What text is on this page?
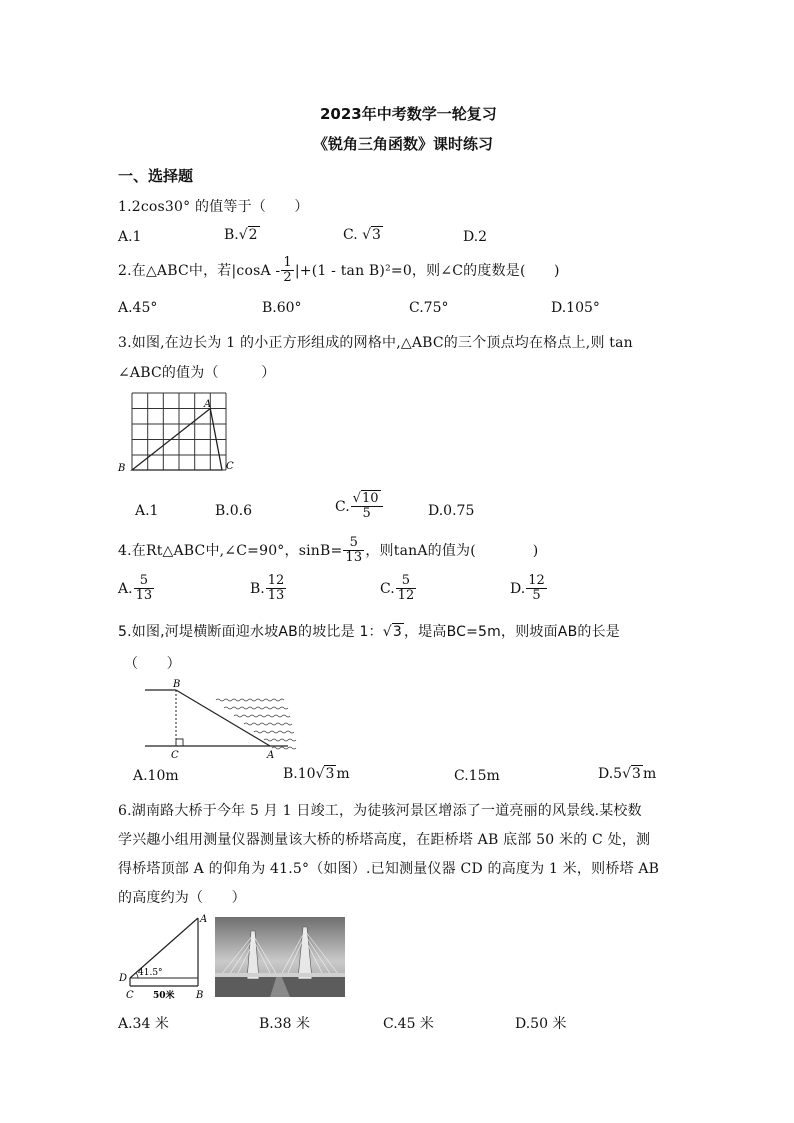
2023年中考数学一轮复习
《锐角三角函数》课时练习
一、选择题
1.2cos30° 的值等于（　　）
A.1	B.√2	C. √3	D.2
2.在△ABC中，若$|\cos A - \frac{1}{2} |+(1 - \tan B)^2=0$，则∠C的度数是(　　)
A.45°	B.60°	C.75°	D.105°
3.如图,在边长为 1 的小正方形组成的网格中,△ABC的三个顶点均在格点上,则 tan
∠ABC的值为（　　　）
A
B	C
A.1	B.0.6	C. $\frac{√10}{5}$	D.0.75
4.在Rt△ABC中,∠C=90°，$\sin B= \frac{5}{13}$ ，则tanA的值为(　　　　)
A. $\frac{5}{13}$	B. $\frac{12}{13}$	C. $\frac{5}{12}$	D. $\frac{12}{5}$
5.如图,河堤横断面迎水坡AB的坡比是 1：√3 ，堤高BC=5m，则坡面AB的长是
（　　）
B
C	A
A.10m	B.10√3 m	C.15m	D.5√3 m
6.湖南路大桥于今年 5 月 1 日竣工，为徒骇河景区增添了一道亮丽的风景线.某校数
学兴趣小组用测量仪器测量该大桥的桥塔高度，在距桥塔 AB 底部 50 米的 C 处，测
得桥塔顶部 A 的仰角为 41.5°（如图）.已知测量仪器 CD 的高度为 1 米，则桥塔 AB
的高度约为（　　）
A
D 41.5°
C 50米 B
A.34 米	B.38 米	C.45 米	D.50 米
